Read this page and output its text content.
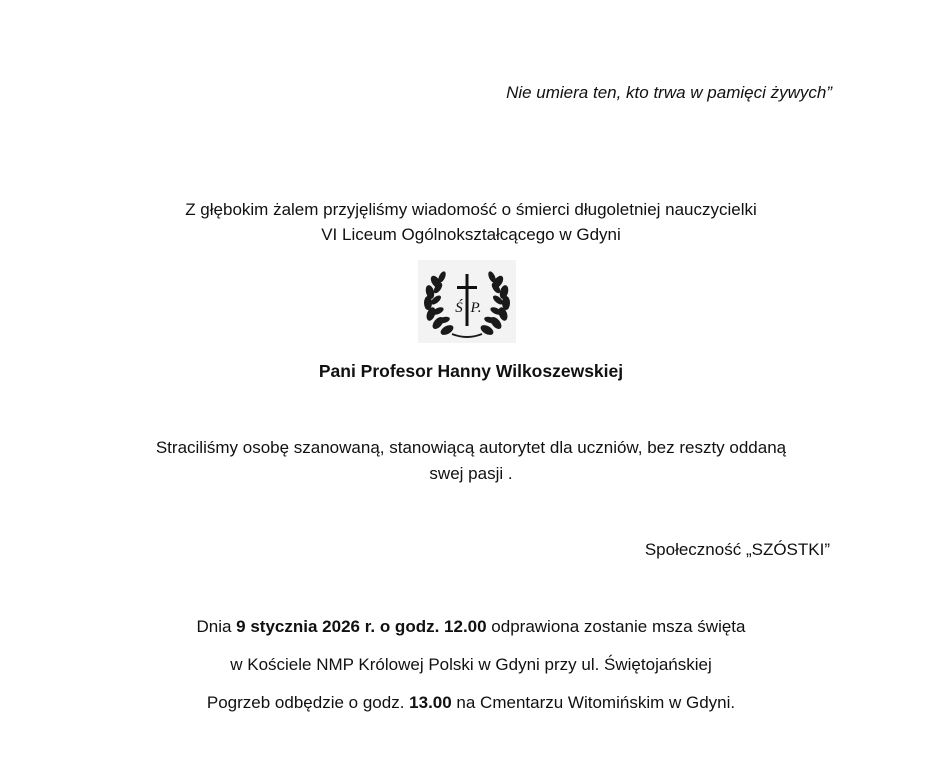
Nie umiera ten, kto trwa w pamięci żywych”
Z głębokim żalem przyjęliśmy wiadomość o śmierci długoletniej nauczycielki
VI Liceum Ogólnokształcącego w Gdyni
Ś P.
Pani Profesor Hanny Wilkoszewskiej
Straciliśmy osobę szanowaną, stanowiącą autorytet dla uczniów, bez reszty oddaną
swej pasji .
Społeczność „SZÓSTKI”
Dnia 9 stycznia 2026 r. o godz. 12.00 odprawiona zostanie msza święta
w Kościele NMP Królowej Polski w Gdyni przy ul. Świętojańskiej
Pogrzeb odbędzie o godz. 13.00 na Cmentarzu Witomińskim w Gdyni.
